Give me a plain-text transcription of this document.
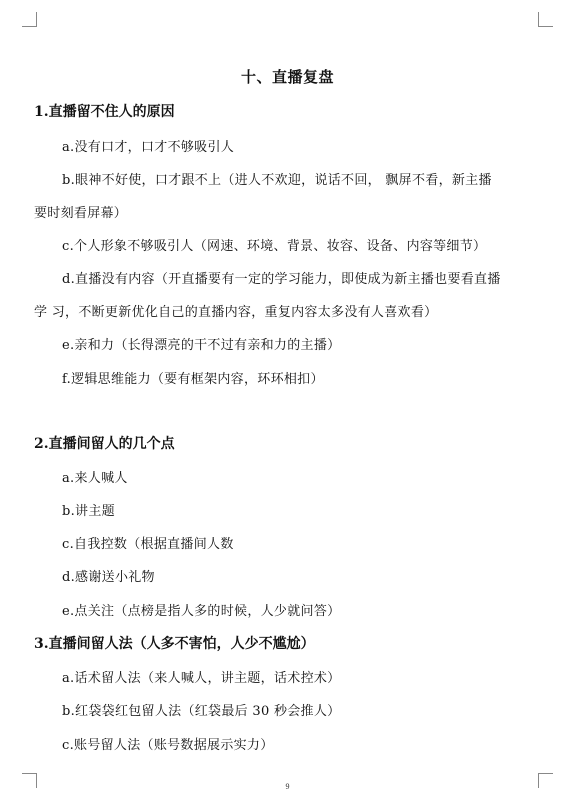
十、直播复盘
1.直播留不住人的原因
a.没有口才，口才不够吸引人
b.眼神不好使，口才跟不上（进人不欢迎，说话不回， 飘屏不看，新主播
要时刻看屏幕）
c.个人形象不够吸引人（网速、环境、背景、妆容、设备、内容等细节）
d.直播没有内容（开直播要有一定的学习能力，即使成为新主播也要看直播
学 习，不断更新优化自己的直播内容，重复内容太多没有人喜欢看）
e.亲和力（长得漂亮的干不过有亲和力的主播）
f.逻辑思维能力（要有框架内容，环环相扣）
2.直播间留人的几个点
a.来人喊人
b.讲主题
c.自我控数（根据直播间人数
d.感谢送小礼物
e.点关注（点榜是指人多的时候，人少就问答）
3.直播间留人法（人多不害怕，人少不尴尬）
a.话术留人法（来人喊人，讲主题，话术控术）
b.红袋袋红包留人法（红袋最后 30 秒会推人）
c.账号留人法（账号数据展示实力）
9
